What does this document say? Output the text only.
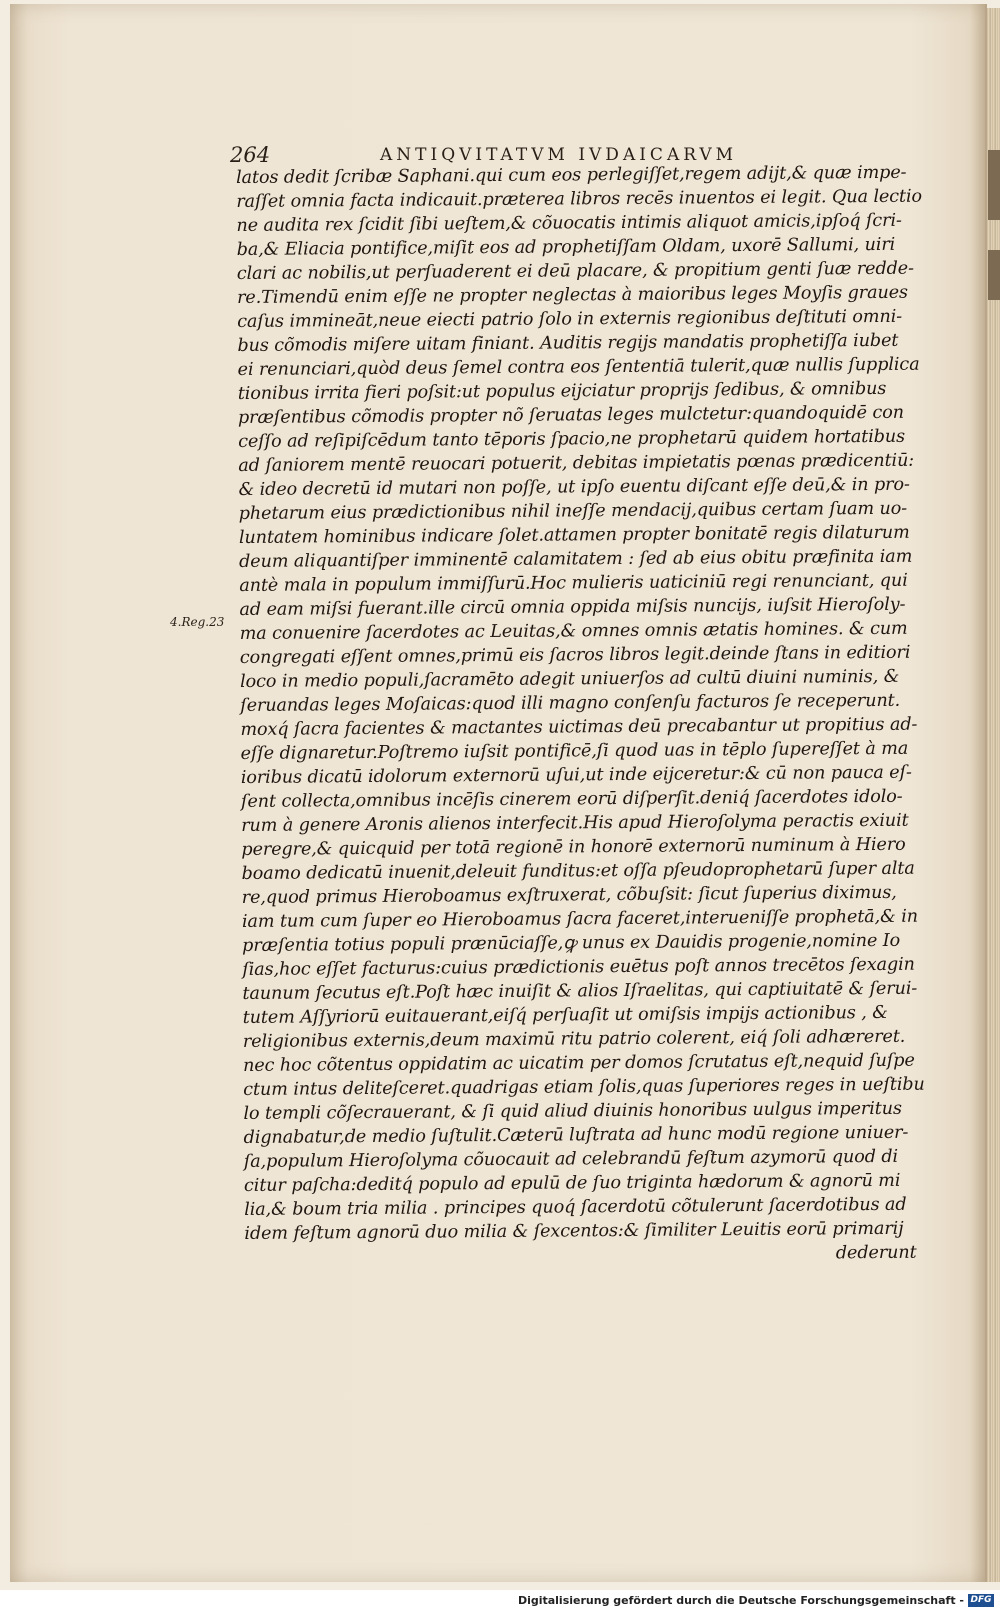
264	ANTIQVITATVM IVDAICARVM
4.Reg.23
latos dedit ſcribæ Saphani.qui cum eos perlegiſſet,regem adijt,& quæ impe-
raſſet omnia facta indicauit.præterea libros recēs inuentos ei legit. Qua lectio
ne audita rex ſcidit ſibi ueſtem,& cõuocatis intimis aliquot amicis,ipſoq́ ſcri-
ba,& Eliacia pontifice,miſit eos ad prophetiſſam Oldam, uxorē Sallumi, uiri
clari ac nobilis,ut perſuaderent ei deū placare, & propitium genti ſuæ redde-
re.Timendū enim eſſe ne propter neglectas à maioribus leges Moyſis graues
caſus immineāt,neue eiecti patrio ſolo in externis regionibus deſtituti omni-
bus cõmodis miſere uitam finiant. Auditis regijs mandatis prophetiſſa iubet
ei renunciari,quòd deus ſemel contra eos ſententiā tulerit,quæ nullis ſupplica
tionibus irrita fieri poſsit:ut populus eijciatur proprijs ſedibus, & omnibus
præſentibus cõmodis propter nõ ſeruatas leges mulctetur:quandoquidē con
ceſſo ad reſipiſcēdum tanto tēporis ſpacio,ne prophetarū quidem hortatibus
ad ſaniorem mentē reuocari potuerit, debitas impietatis pœnas prædicentiū:
& ideo decretū id mutari non poſſe, ut ipſo euentu diſcant eſſe deū,& in pro-
phetarum eius prædictionibus nihil ineſſe mendacij,quibus certam ſuam uo-
luntatem hominibus indicare ſolet.attamen propter bonitatē regis dilaturum
deum aliquantiſper imminentē calamitatem : ſed ab eius obitu præfinita iam
antè mala in populum immiſſurū.Hoc mulieris uaticiniū regi renunciant, qui
ad eam miſsi fuerant.ille circū omnia oppida miſsis nuncijs, iuſsit Hieroſoly-
ma conuenire ſacerdotes ac Leuitas,& omnes omnis ætatis homines. & cum
congregati eſſent omnes,primū eis ſacros libros legit.deinde ſtans in editiori
loco in medio populi,ſacramēto adegit uniuerſos ad cultū diuini numinis, &
ſeruandas leges Moſaicas:quod illi magno conſenſu facturos ſe receperunt.
moxq́ ſacra facientes & mactantes uictimas deū precabantur ut propitius ad-
eſſe dignaretur.Poſtremo iuſsit pontificē,ſi quod uas in tēplo ſupereſſet à ma
ioribus dicatū idolorum externorū uſui,ut inde eijceretur:& cū non pauca eſ-
ſent collecta,omnibus incēſis cinerem eorū diſperſit.deniq́ ſacerdotes idolo-
rum à genere Aronis alienos interfecit.His apud Hieroſolyma peractis exiuit
peregre,& quicquid per totā regionē in honorē externorū numinum à Hiero
boamo dedicatū inuenit,deleuit funditus:et oſſa pſeudoprophetarū ſuper alta
re,quod primus Hieroboamus exſtruxerat, cõbuſsit: ſicut ſuperius diximus,
iam tum cum ſuper eo Hieroboamus ſacra faceret,interueniſſe prophetā,& in
præſentia totius populi prænūciaſſe,ꝙ unus ex Dauidis progenie,nomine Io
ſias,hoc eſſet facturus:cuius prædictionis euētus poſt annos trecētos ſexagin
taunum ſecutus eſt.Poſt hæc inuiſit & alios Iſraelitas, qui captiuitatē & ſerui-
tutem Aſſyriorū euitauerant,eiſq́ perſuaſit ut omiſsis impijs actionibus , &
religionibus externis,deum maximū ritu patrio colerent, eiq́ ſoli adhæreret.
nec hoc cõtentus oppidatim ac uicatim per domos ſcrutatus eſt,nequid ſuſpe
ctum intus deliteſceret.quadrigas etiam ſolis,quas ſuperiores reges in ueſtibu
lo templi cõſecrauerant, & ſi quid aliud diuinis honoribus uulgus imperitus
dignabatur,de medio ſuſtulit.Cæterū luſtrata ad hunc modū regione uniuer-
ſa,populum Hieroſolyma cõuocauit ad celebrandū feſtum azymorū quod di
citur paſcha:deditq́ populo ad epulū de ſuo triginta hædorum & agnorū mi
lia,& boum tria milia . principes quoq́ ſacerdotū cõtulerunt ſacerdotibus ad
idem feſtum agnorū duo milia & ſexcentos:& ſimiliter Leuitis eorū primarij
dederunt
Digitalisierung gefördert durch die Deutsche Forschungsgemeinschaft - DFG
